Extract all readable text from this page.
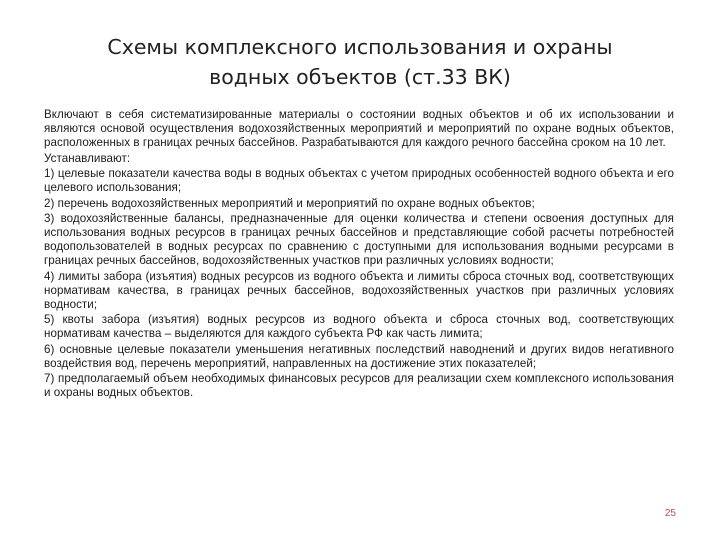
Схемы комплексного использования и охраны
водных объектов (ст.33 ВК)

Включают в себя систематизированные материалы о состоянии водных объектов и об их использовании и являются основой осуществления водохозяйственных мероприятий и мероприятий по охране водных объектов, расположенных в границах речных бассейнов. Разрабатываются для каждого речного бассейна сроком на 10 лет.

Устанавливают:

1) целевые показатели качества воды в водных объектах с учетом природных особенностей водного объекта и его целевого использования;

2) перечень водохозяйственных мероприятий и мероприятий по охране водных объектов;

3) водохозяйственные балансы, предназначенные для оценки количества и степени освоения доступных для использования водных ресурсов в границах речных бассейнов и представляющие собой расчеты потребностей водопользователей в водных ресурсах по сравнению с доступными для использования водными ресурсами в границах речных бассейнов, водохозяйственных участков при различных условиях водности;

4) лимиты забора (изъятия) водных ресурсов из водного объекта и лимиты сброса сточных вод, соответствующих нормативам качества, в границах речных бассейнов, водохозяйственных участков при различных условиях водности;

5) квоты забора (изъятия) водных ресурсов из водного объекта и сброса сточных вод, соответствующих нормативам качества – выделяются для каждого субъекта РФ как часть лимита;

6) основные целевые показатели уменьшения негативных последствий наводнений и других видов негативного воздействия вод, перечень мероприятий, направленных на достижение этих показателей;

7) предполагаемый объем необходимых финансовых ресурсов для реализации схем комплексного использования и охраны водных объектов.

25
